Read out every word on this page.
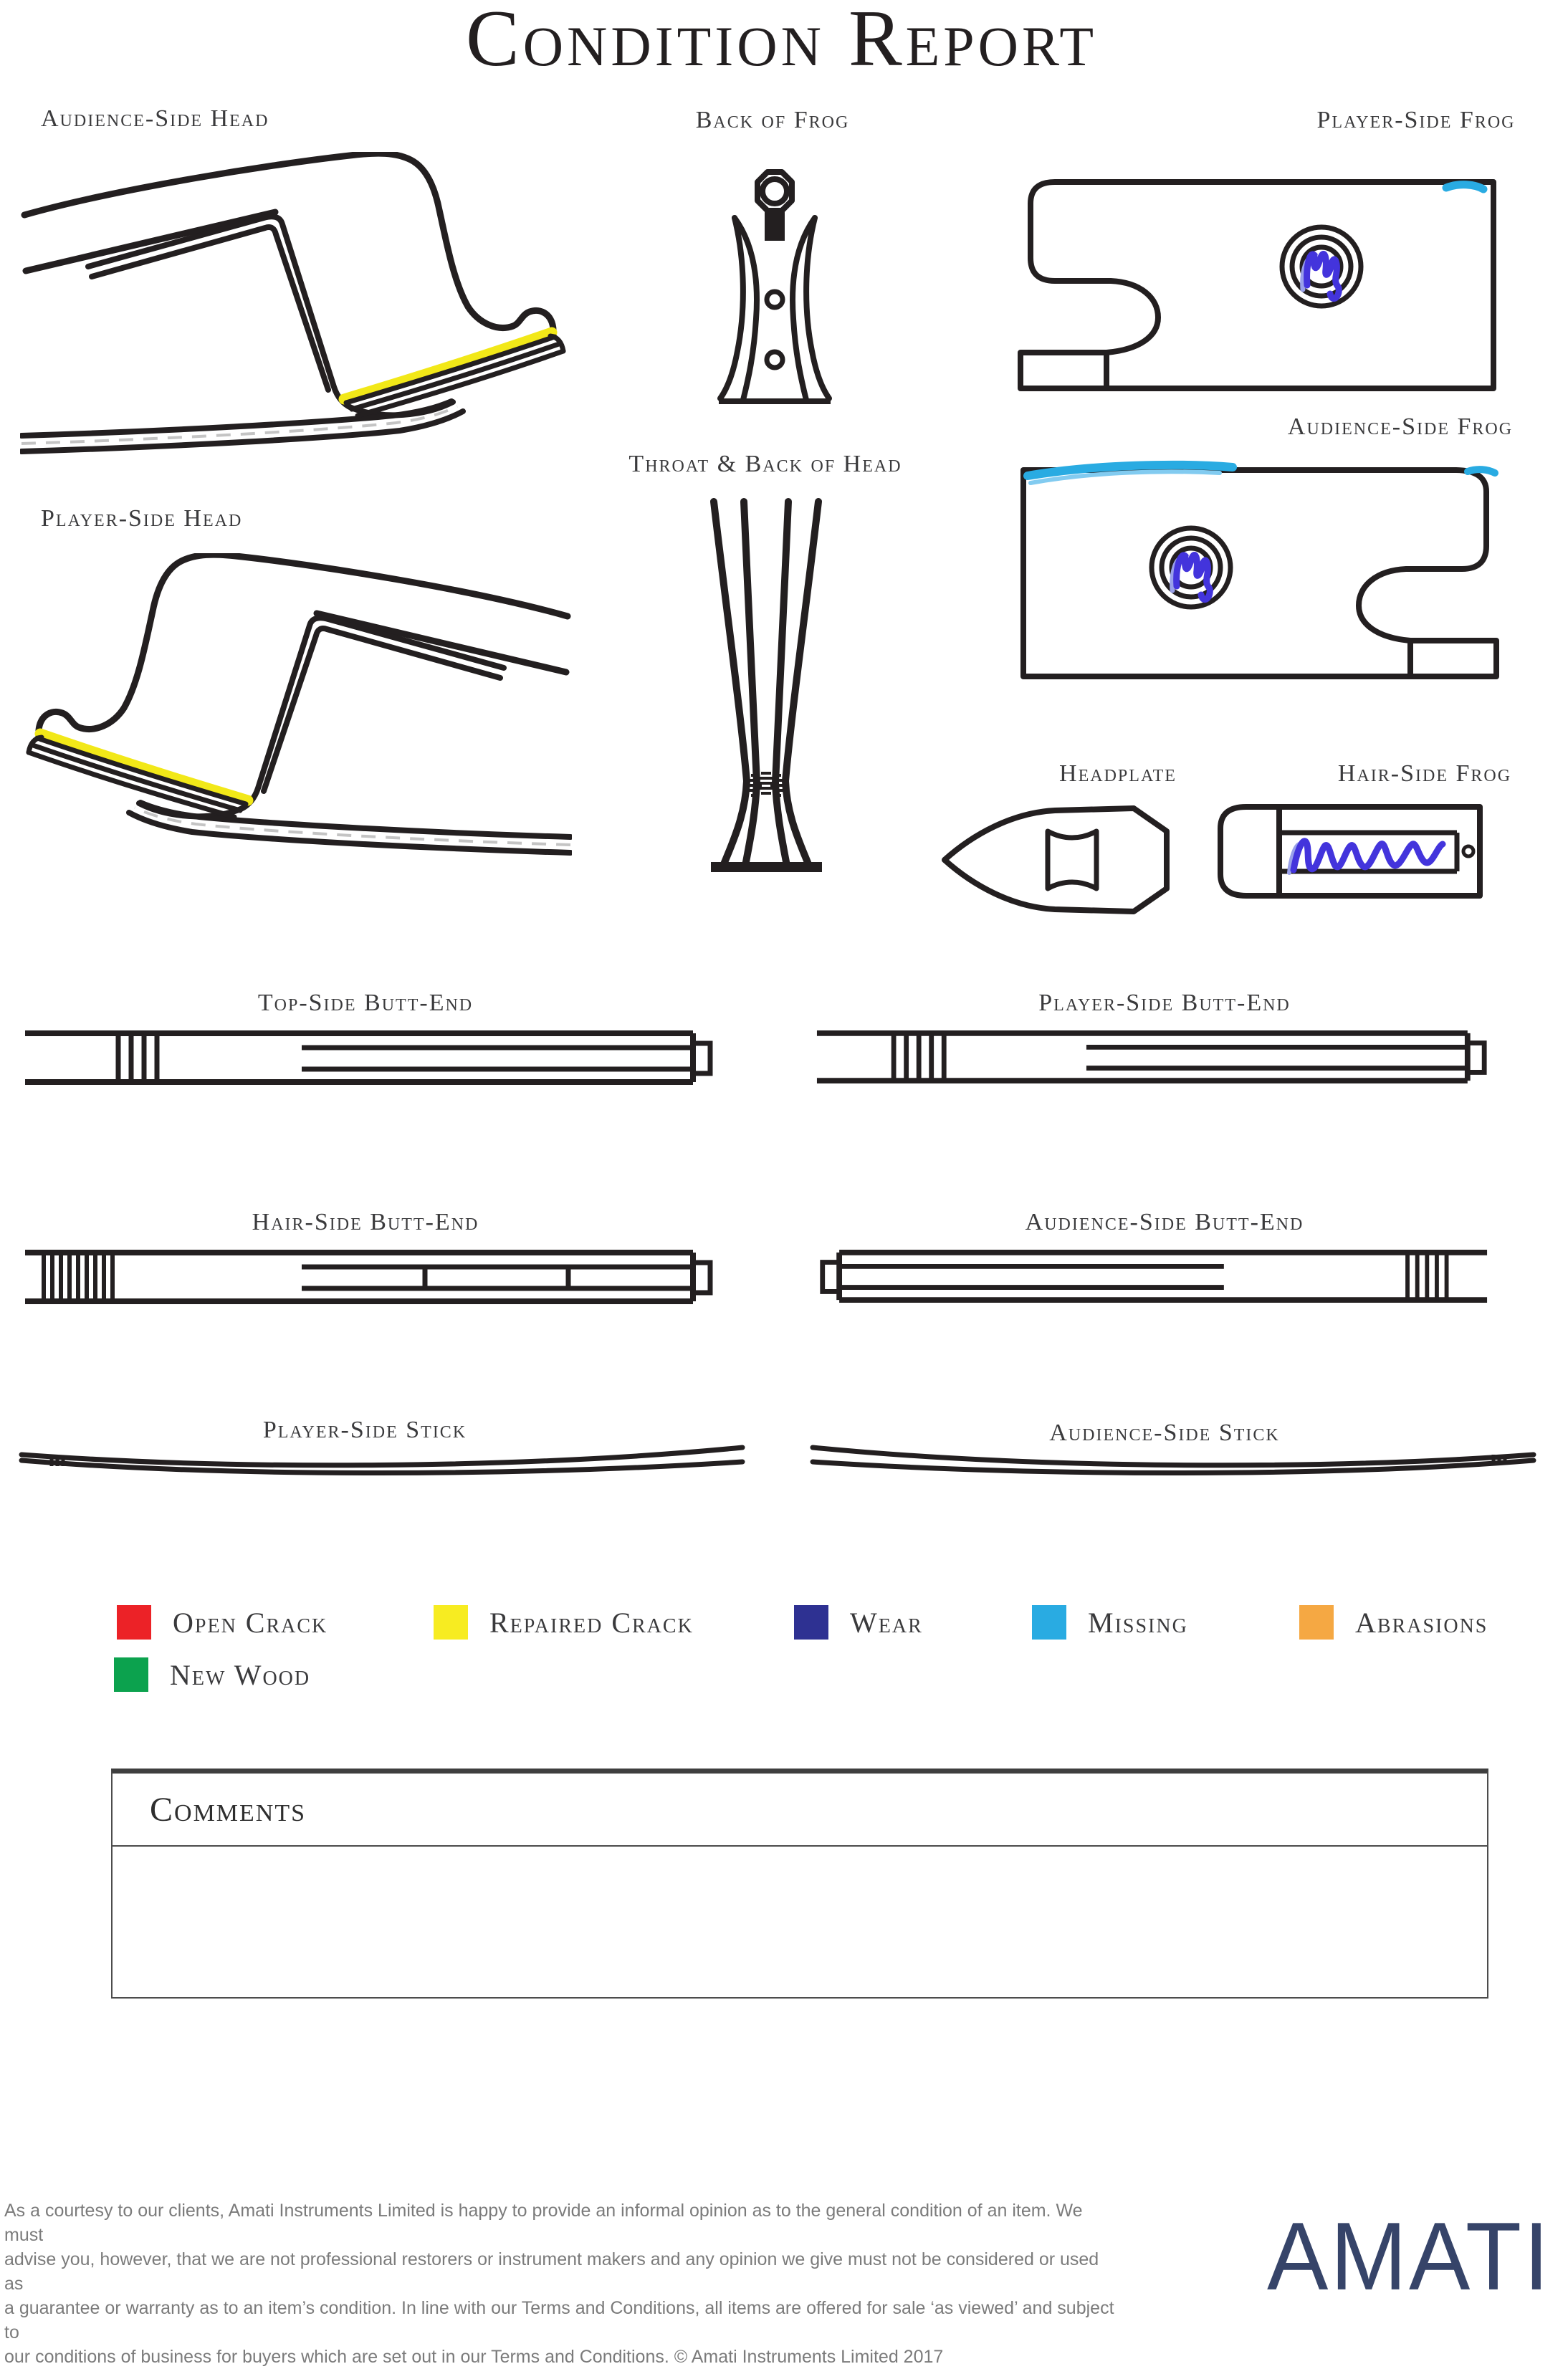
Condition Report
Audience-Side Head	Back of Frog	Player-Side Frog
Audience-Side Frog
Player-Side Head
Throat & Back of Head
Headplate	Hair-Side Frog
Top-Side Butt-End	Player-Side Butt-End
Hair-Side Butt-End	Audience-Side Butt-End
Player-Side Stick	Audience-Side Stick
Open Crack	Repaired Crack	Wear	Missing	Abrasions
New Wood
Comments
As a courtesy to our clients, Amati Instruments Limited is happy to provide an informal opinion as to the general condition of an item. We must
advise you, however, that we are not professional restorers or instrument makers and any opinion we give must not be considered or used as
a guarantee or warranty as to an item’s condition. In line with our Terms and Conditions, all items are offered for sale ‘as viewed’ and subject to
our conditions of business for buyers which are set out in our Terms and Conditions. © Amati Instruments Limited 2017
AMATI
